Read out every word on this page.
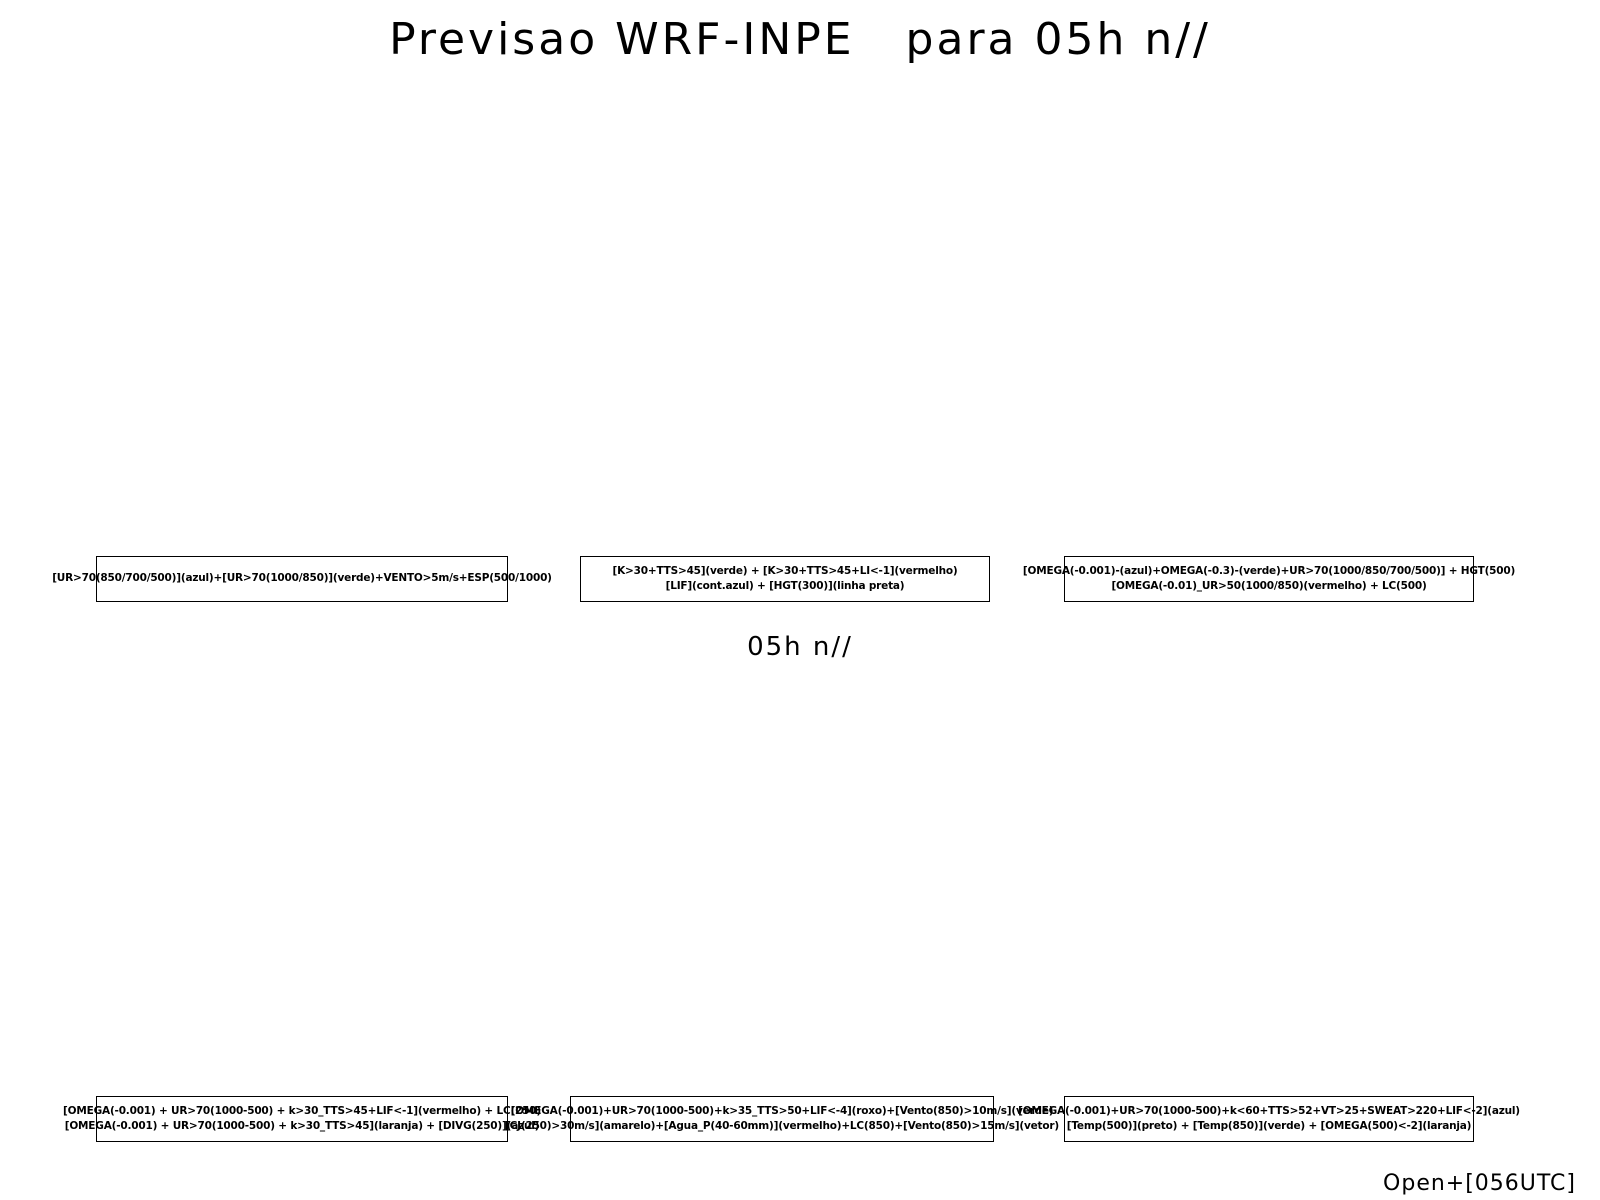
Previsao WRF-INPE   para 05h n//
[UR>70(850/700/500)](azul)+[UR>70(1000/850)](verde)+VENTO>5m/s+ESP(500/1000)
[K>30+TTS>45](verde) + [K>30+TTS>45+LI<-1](vermelho)
[LIF](cont.azul) + [HGT(300)](linha preta)
[OMEGA(-0.001)-(azul)+OMEGA(-0.3)-(verde)+UR>70(1000/850/700/500)] + HGT(500)
[OMEGA(-0.01)_UR>50(1000/850)(vermelho) + LC(500)
05h n//
[OMEGA(-0.001) + UR>70(1000-500) + k>30_TTS>45+LIF<-1](vermelho) + LC(250)
[OMEGA(-0.001) + UR>70(1000-500) + k>30_TTS>45](laranja) + [DIVG(250)](azul)
[OMEGA(-0.001)+UR>70(1000-500)+k>35_TTS>50+LIF<-4](roxo)+[Vento(850)>10m/s](verde)
[CJ(250)>30m/s](amarelo)+[Agua_P(40-60mm)](vermelho)+LC(850)+[Vento(850)>15m/s](vetor)
[OMEGA(-0.001)+UR>70(1000-500)+k<60+TTS>52+VT>25+SWEAT>220+LIF<-2](azul)
[Temp(500)](preto) + [Temp(850)](verde) + [OMEGA(500)<-2](laranja)
Open+[056UTC]
